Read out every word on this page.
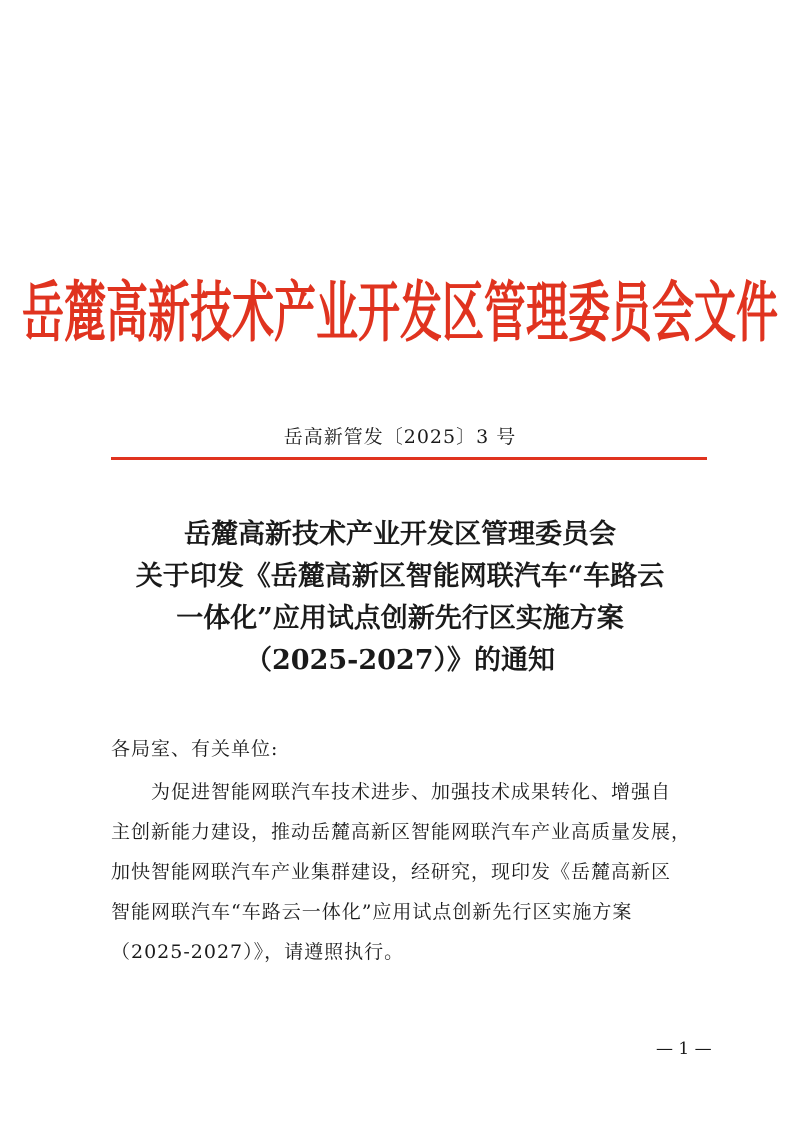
岳麓高新技术产业开发区管理委员会文件
岳高新管发〔2025〕3 号
岳麓高新技术产业开发区管理委员会
关于印发《岳麓高新区智能网联汽车“车路云
一体化”应用试点创新先行区实施方案
（2025-2027）》的通知
各局室、有关单位:
为促进智能网联汽车技术进步、加强技术成果转化、增强自
主创新能力建设，推动岳麓高新区智能网联汽车产业高质量发展，
加快智能网联汽车产业集群建设，经研究，现印发《岳麓高新区
智能网联汽车“车路云一体化”应用试点创新先行区实施方案
（2025-2027）》，请遵照执行。
— 1 —
